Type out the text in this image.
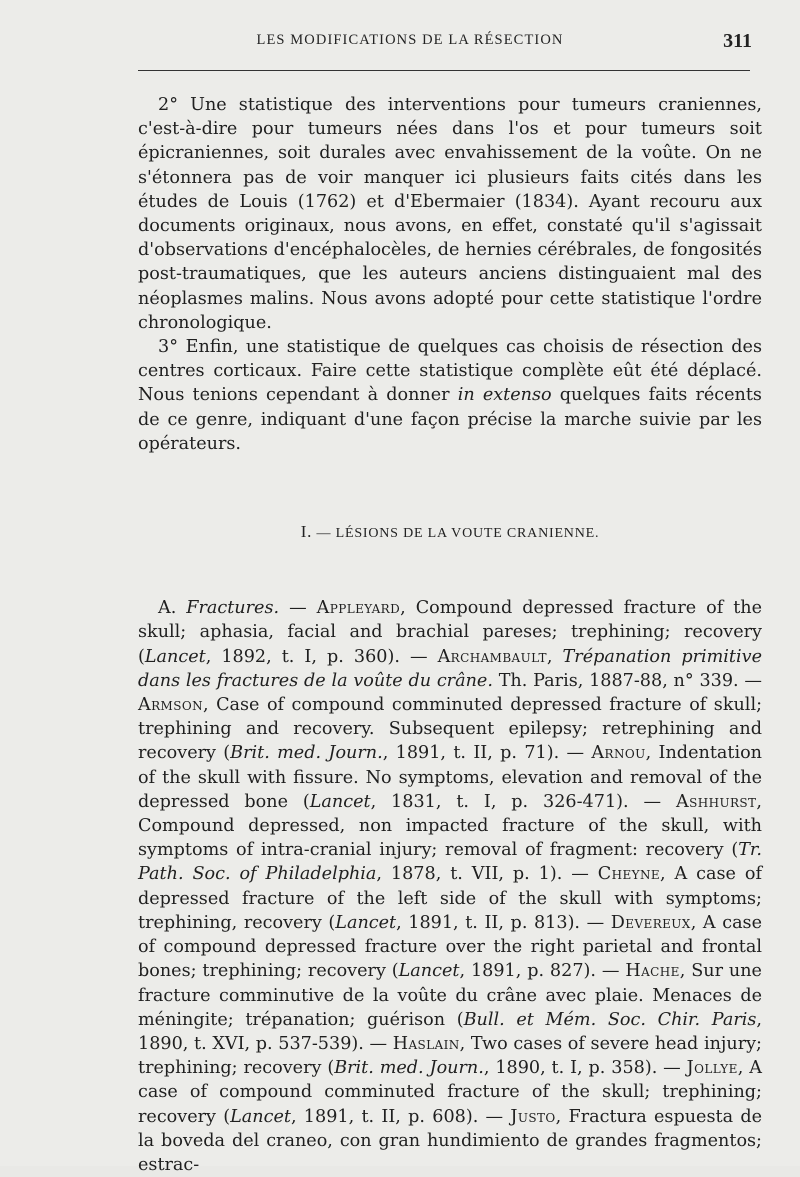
LES MODIFICATIONS DE LA RÉSECTION	311

2° Une statistique des interventions pour tumeurs craniennes, c'est-à-dire pour tumeurs nées dans l'os et pour tumeurs soit épicraniennes, soit durales avec envahissement de la voûte. On ne s'étonnera pas de voir manquer ici plusieurs faits cités dans les études de Louis (1762) et d'Ebermaier (1834). Ayant recouru aux documents originaux, nous avons, en effet, constaté qu'il s'agissait d'observations d'encéphalocèles, de hernies cérébrales, de fongosités post-traumatiques, que les auteurs anciens distinguaient mal des néoplasmes malins. Nous avons adopté pour cette statistique l'ordre chronologique.

3° Enfin, une statistique de quelques cas choisis de résection des centres corticaux. Faire cette statistique complète eût été déplacé. Nous tenions cependant à donner in extenso quelques faits récents de ce genre, indiquant d'une façon précise la marche suivie par les opérateurs.

I. — LÉSIONS DE LA VOUTE CRANIENNE.

A. Fractures. — Appleyard, Compound depressed fracture of the skull; aphasia, facial and brachial pareses; trephining; recovery (Lancet, 1892, t. I, p. 360). — Archambault, Trépanation primitive dans les fractures de la voûte du crâne. Th. Paris, 1887-88, n° 339. — Armson, Case of compound comminuted depressed fracture of skull; trephining and recovery. Subsequent epilepsy; retrephining and recovery (Brit. med. Journ., 1891, t. II, p. 71). — Arnou, Indentation of the skull with fissure. No symptoms, elevation and removal of the depressed bone (Lancet, 1831, t. I, p. 326-471). — Ashhurst, Compound depressed, non impacted fracture of the skull, with symptoms of intra-cranial injury; removal of fragment: recovery (Tr. Path. Soc. of Philadelphia, 1878, t. VII, p. 1). — Cheyne, A case of depressed fracture of the left side of the skull with symptoms; trephining, recovery (Lancet, 1891, t. II, p. 813). — Devereux, A case of compound depressed fracture over the right parietal and frontal bones; trephining; recovery (Lancet, 1891, p. 827). — Hache, Sur une fracture comminutive de la voûte du crâne avec plaie. Menaces de méningite; trépanation; guérison (Bull. et Mém. Soc. Chir. Paris, 1890, t. XVI, p. 537-539). — Haslain, Two cases of severe head injury; trephining; recovery (Brit. med. Journ., 1890, t. I, p. 358). — Jollye, A case of compound comminuted fracture of the skull; trephining; recovery (Lancet, 1891, t. II, p. 608). — Justo, Fractura espuesta de la boveda del craneo, con gran hundimiento de grandes fragmentos; estrac-
